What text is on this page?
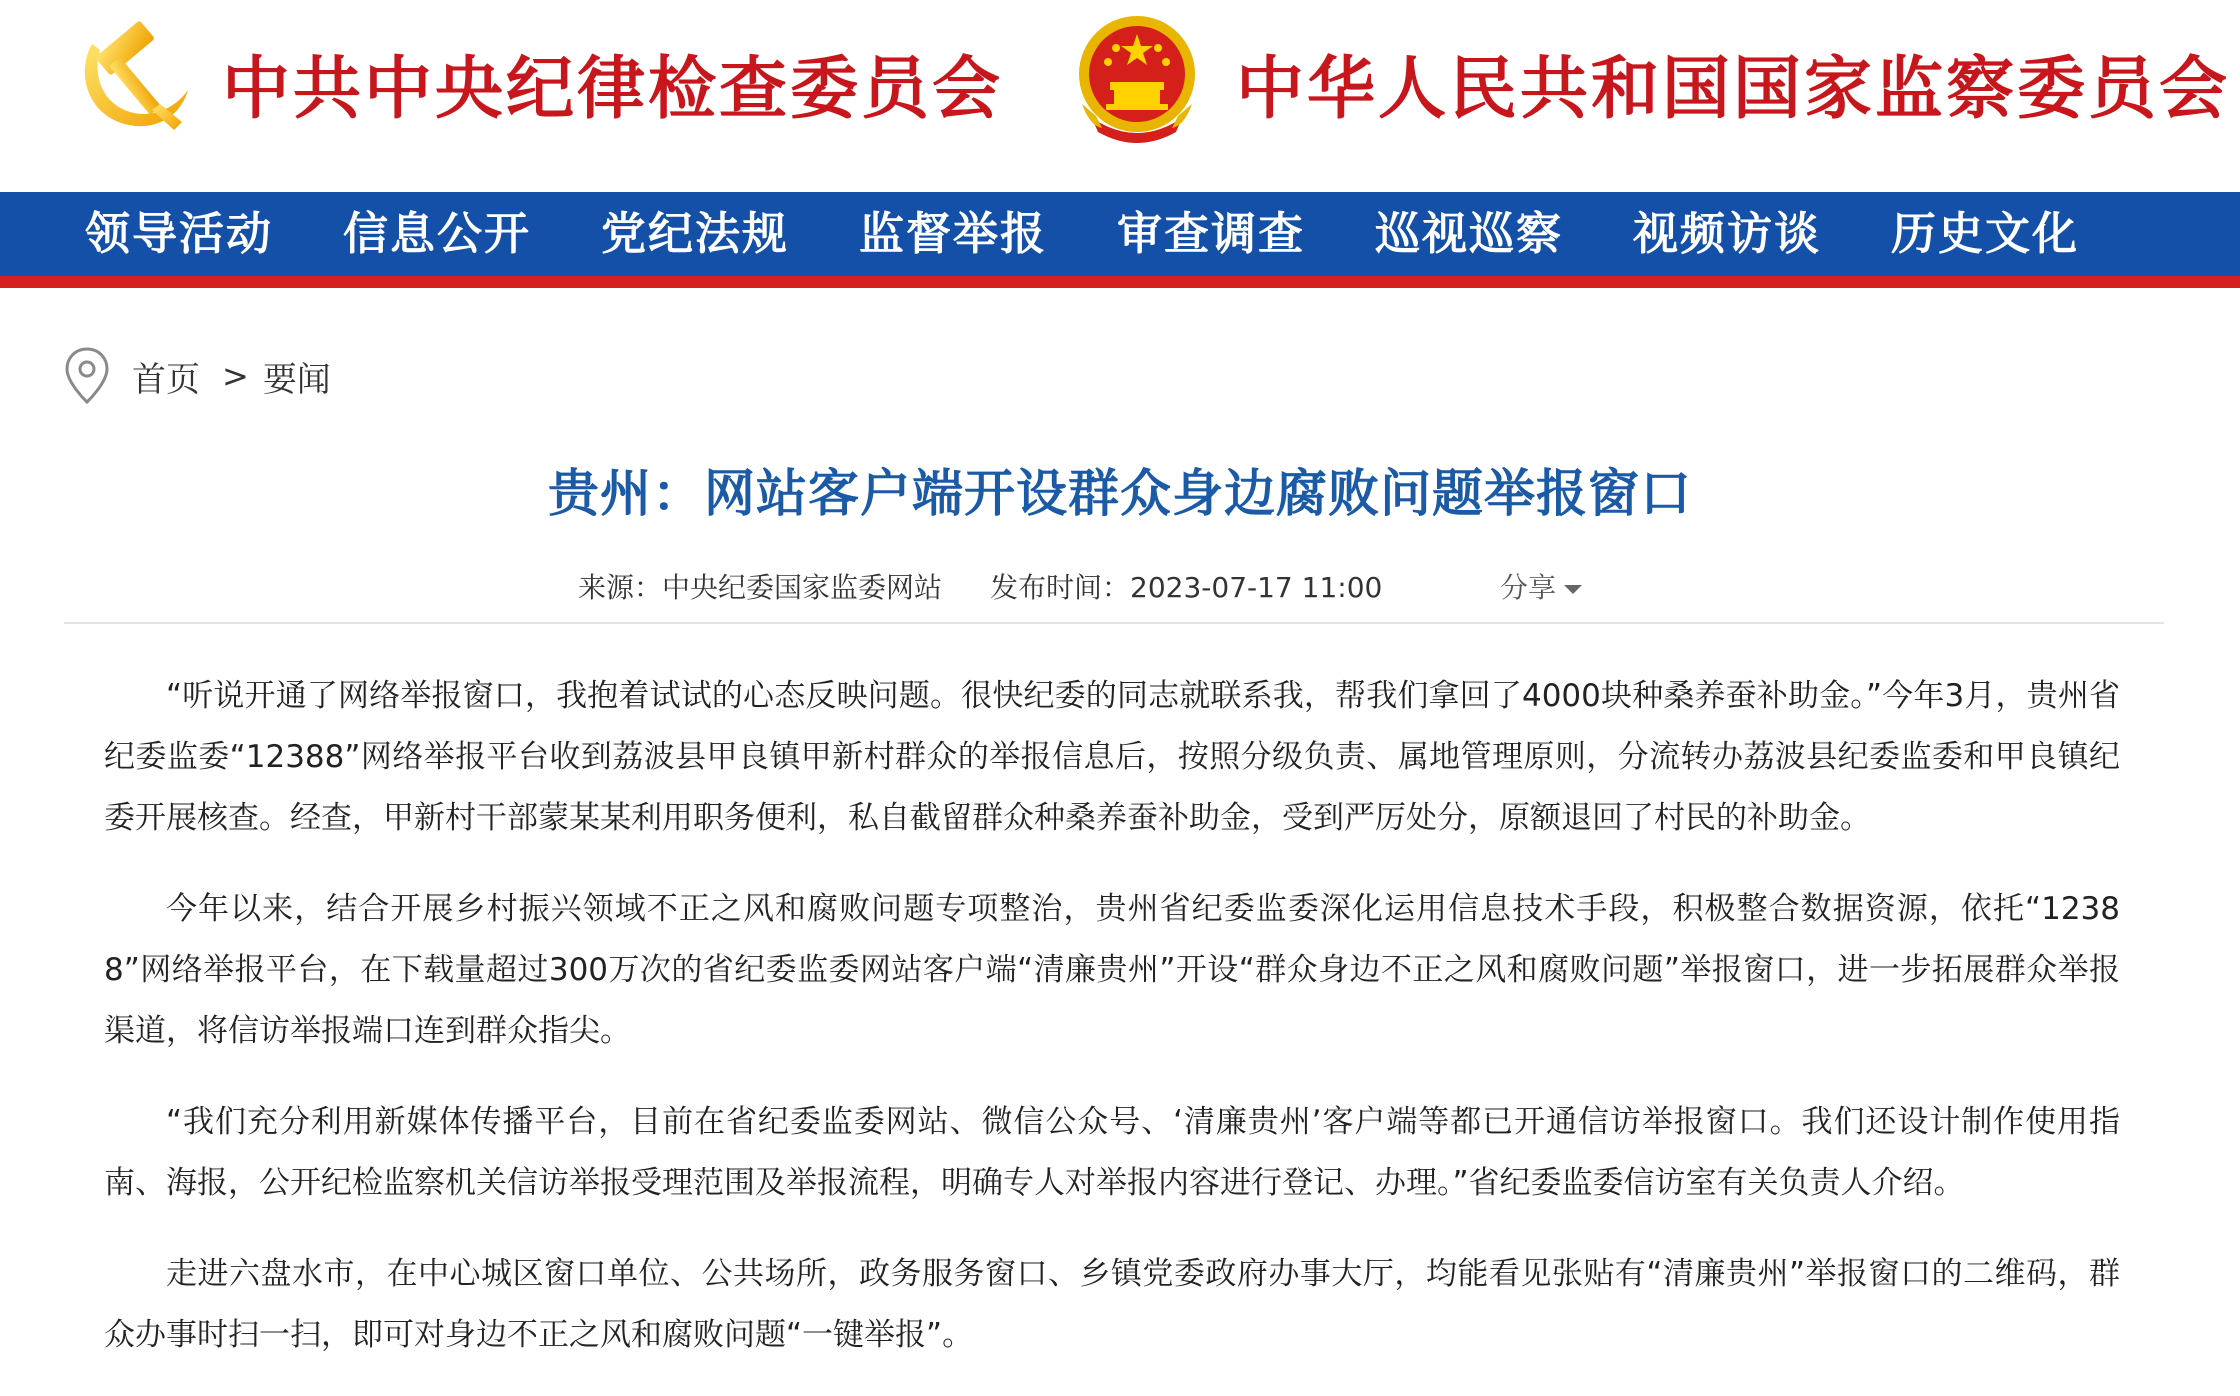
中共中央纪律检查委员会	中华人民共和国国家监察委员会
领导活动	信息公开	党纪法规	监督举报	审查调查	巡视巡察	视频访谈	历史文化
首页 > 要闻
贵州：网站客户端开设群众身边腐败问题举报窗口
来源：中央纪委国家监委网站 发布时间：2023-07-17 11:00	分享

“听说开通了网络举报窗口，我抱着试试的心态反映问题。很快纪委的同志就联系我，帮我们拿回了4000块种桑养蚕补助金。”今年3月，贵州省纪委监委“12388”网络举报平台收到荔波县甲良镇甲新村群众的举报信息后，按照分级负责、属地管理原则，分流转办荔波县纪委监委和甲良镇纪委开展核查。经查，甲新村干部蒙某某利用职务便利，私自截留群众种桑养蚕补助金，受到严厉处分，原额退回了村民的补助金。

今年以来，结合开展乡村振兴领域不正之风和腐败问题专项整治，贵州省纪委监委深化运用信息技术手段，积极整合数据资源，依托“12388”网络举报平台，在下载量超过300万次的省纪委监委网站客户端“清廉贵州”开设“群众身边不正之风和腐败问题”举报窗口，进一步拓展群众举报渠道，将信访举报端口连到群众指尖。

“我们充分利用新媒体传播平台，目前在省纪委监委网站、微信公众号、‘清廉贵州’客户端等都已开通信访举报窗口。我们还设计制作使用指南、海报，公开纪检监察机关信访举报受理范围及举报流程，明确专人对举报内容进行登记、办理。”省纪委监委信访室有关负责人介绍。

走进六盘水市，在中心城区窗口单位、公共场所，政务服务窗口、乡镇党委政府办事大厅，均能看见张贴有“清廉贵州”举报窗口的二维码，群众办事时扫一扫，即可对身边不正之风和腐败问题“一键举报”。
